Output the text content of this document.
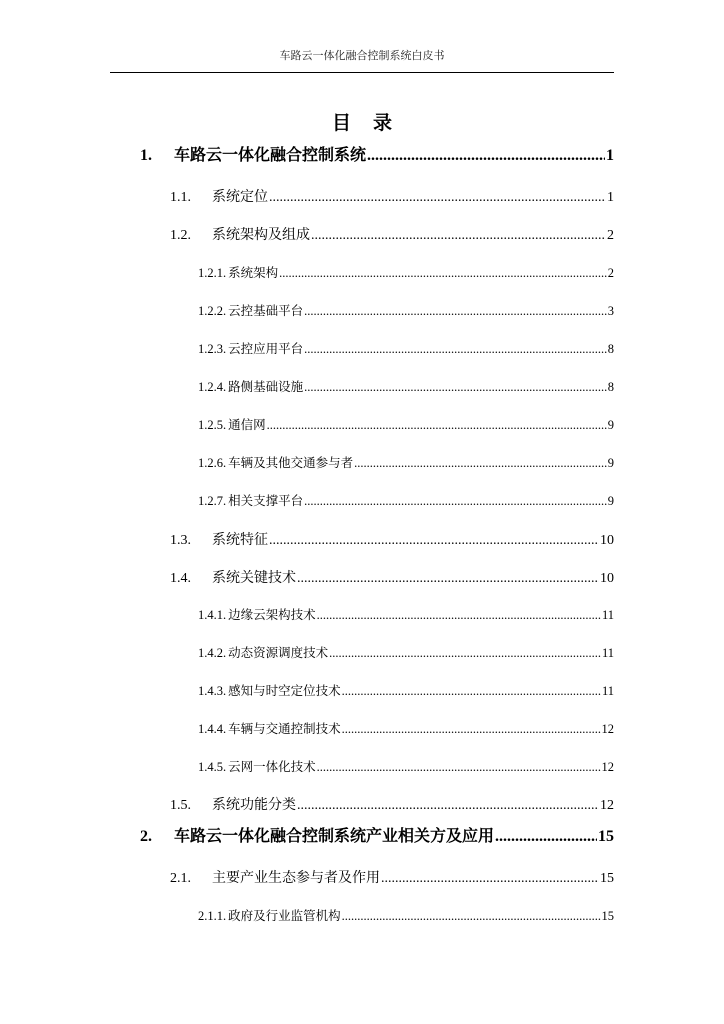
车路云一体化融合控制系统白皮书
目录
1.	车路云一体化融合控制系统 .....	1
1.1.	系统定位 .....	1
1.2.	系统架构及组成 .....	2
1.2.1. 系统架构 .....	2
1.2.2. 云控基础平台 .....	3
1.2.3. 云控应用平台 .....	8
1.2.4. 路侧基础设施 .....	8
1.2.5. 通信网 .....	9
1.2.6. 车辆及其他交通参与者 .....	9
1.2.7. 相关支撑平台 .....	9
1.3.	系统特征 .....	10
1.4.	系统关键技术 .....	10
1.4.1. 边缘云架构技术 .....	11
1.4.2. 动态资源调度技术 .....	11
1.4.3. 感知与时空定位技术 .....	11
1.4.4. 车辆与交通控制技术 .....	12
1.4.5. 云网一体化技术 .....	12
1.5.	系统功能分类 .....	12
2.	车路云一体化融合控制系统产业相关方及应用 .....	15
2.1.	主要产业生态参与者及作用 .....	15
2.1.1. 政府及行业监管机构 .....	15
